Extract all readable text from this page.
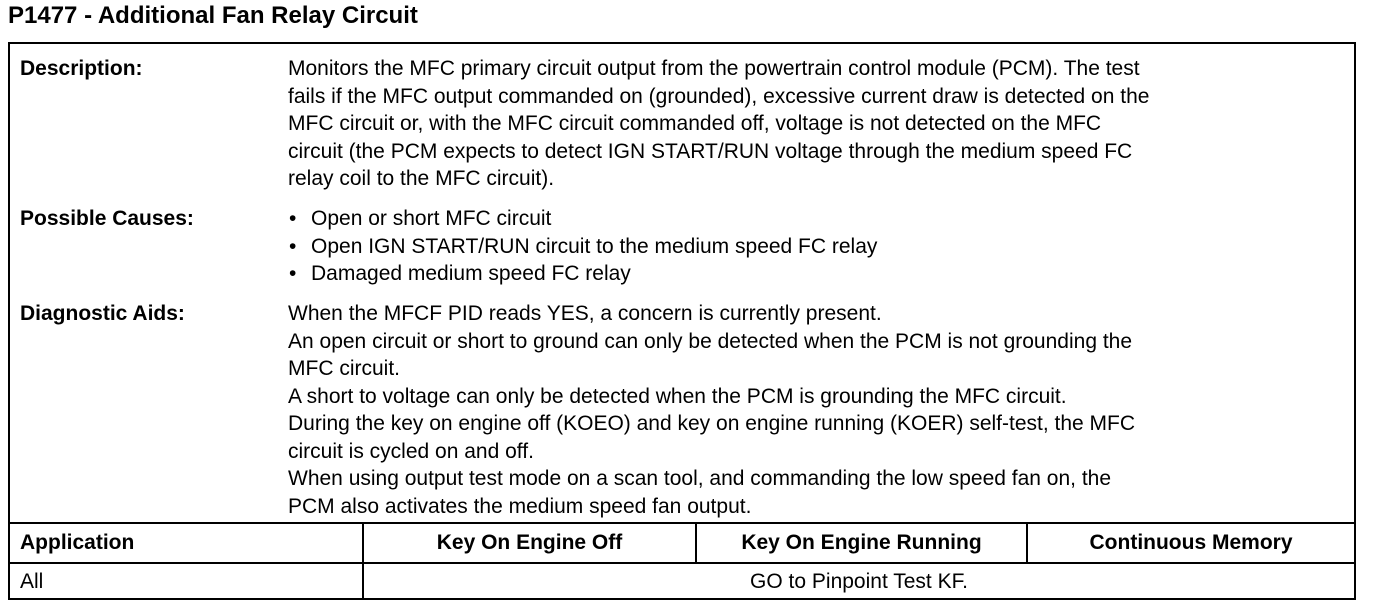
P1477 - Additional Fan Relay Circuit
Description:	Monitors the MFC primary circuit output from the powertrain control module (PCM). The test

fails if the MFC output commanded on (grounded), excessive current draw is detected on the

MFC circuit or, with the MFC circuit commanded off, voltage is not detected on the MFC

circuit (the PCM expects to detect IGN START/RUN voltage through the medium speed FC

relay coil to the MFC circuit).

Possible Causes:
•	Open or short MFC circuit
• Open IGN START/RUN circuit to the medium speed FC relay
• Damaged medium speed FC relay
Diagnostic Aids:	When the MFCF PID reads YES, a concern is currently present.

An open circuit or short to ground can only be detected when the PCM is not grounding the

MFC circuit.

A short to voltage can only be detected when the PCM is grounding the MFC circuit.

During the key on engine off (KOEO) and key on engine running (KOER) self-test, the MFC

circuit is cycled on and off.

When using output test mode on a scan tool, and commanding the low speed fan on, the

PCM also activates the medium speed fan output.

Application	Key On Engine Off	Key On Engine Running	Continuous Memory
All	GO to Pinpoint Test KF.
